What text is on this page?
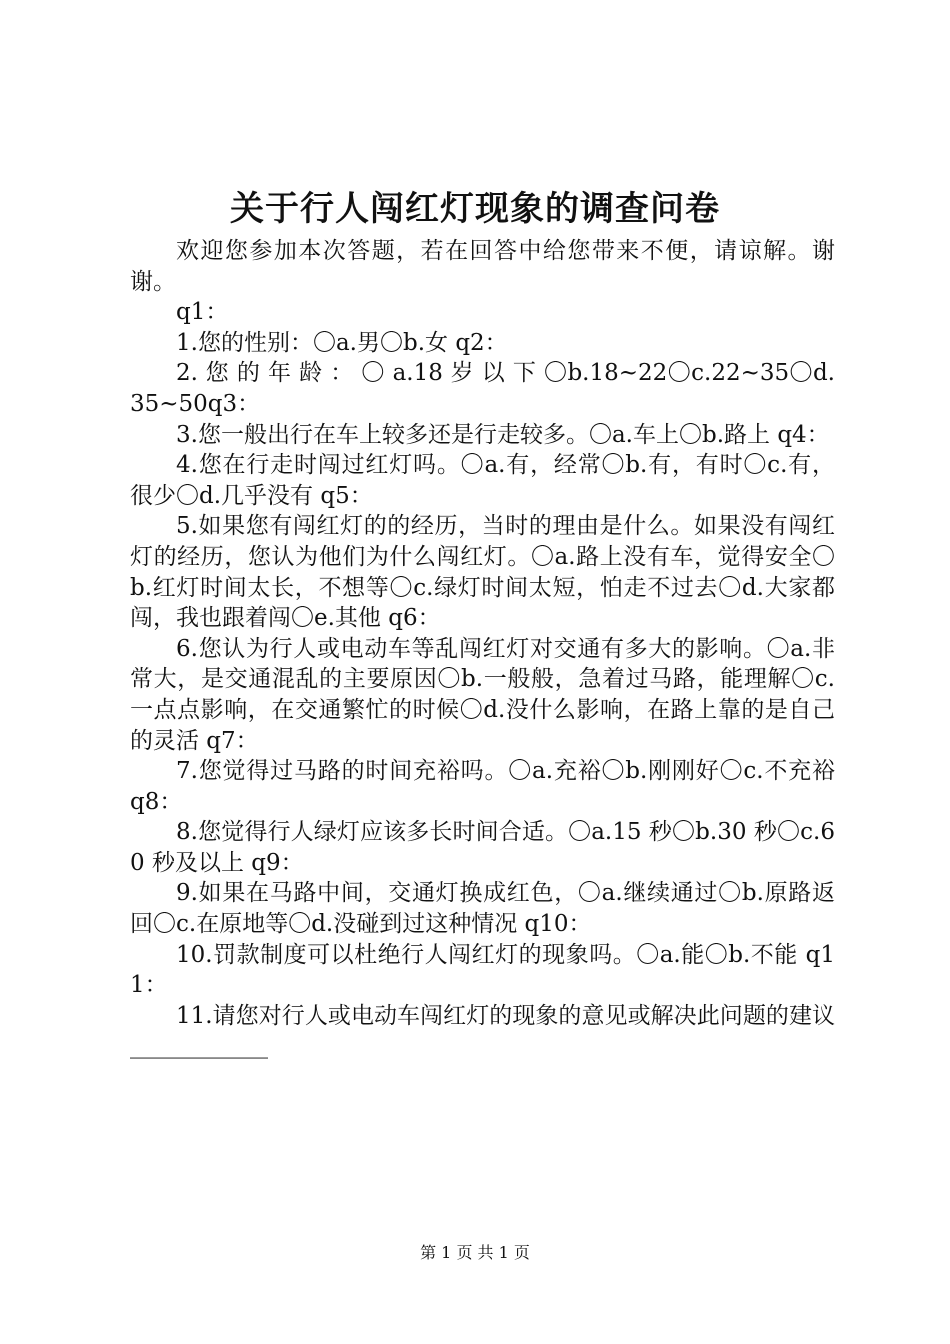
关于行人闯红灯现象的调查问卷

欢迎您参加本次答题，若在回答中给您带来不便，请谅解。谢谢。

q1：

1.您的性别：〇a.男〇b.女 q2：

2. 您 的 年 龄 ： 〇 a.18 岁 以 下 〇b.18~22〇c.22~35〇d.35~50q3：

3.您一般出行在车上较多还是行走较多。〇a.车上〇b.路上 q4：

4.您在行走时闯过红灯吗。〇a.有，经常〇b.有，有时〇c.有，很少〇d.几乎没有 q5：

5.如果您有闯红灯的的经历，当时的理由是什么。如果没有闯红灯的经历，您认为他们为什么闯红灯。〇a.路上没有车，觉得安全〇b.红灯时间太长，不想等〇c.绿灯时间太短，怕走不过去〇d.大家都闯，我也跟着闯〇e.其他 q6：

6.您认为行人或电动车等乱闯红灯对交通有多大的影响。〇a.非常大，是交通混乱的主要原因〇b.一般般，急着过马路，能理解〇c.一点点影响，在交通繁忙的时候〇d.没什么影响，在路上靠的是自己的灵活 q7：

7.您觉得过马路的时间充裕吗。〇a.充裕〇b.刚刚好〇c.不充裕 q8：

8.您觉得行人绿灯应该多长时间合适。〇a.15 秒〇b.30 秒〇c.60 秒及以上 q9：

9.如果在马路中间，交通灯换成红色，〇a.继续通过〇b.原路返回〇c.在原地等〇d.没碰到过这种情况 q10：

10.罚款制度可以杜绝行人闯红灯的现象吗。〇a.能〇b.不能 q11：

11.请您对行人或电动车闯红灯的现象的意见或解决此问题的建议____________

第 1 页 共 1 页
